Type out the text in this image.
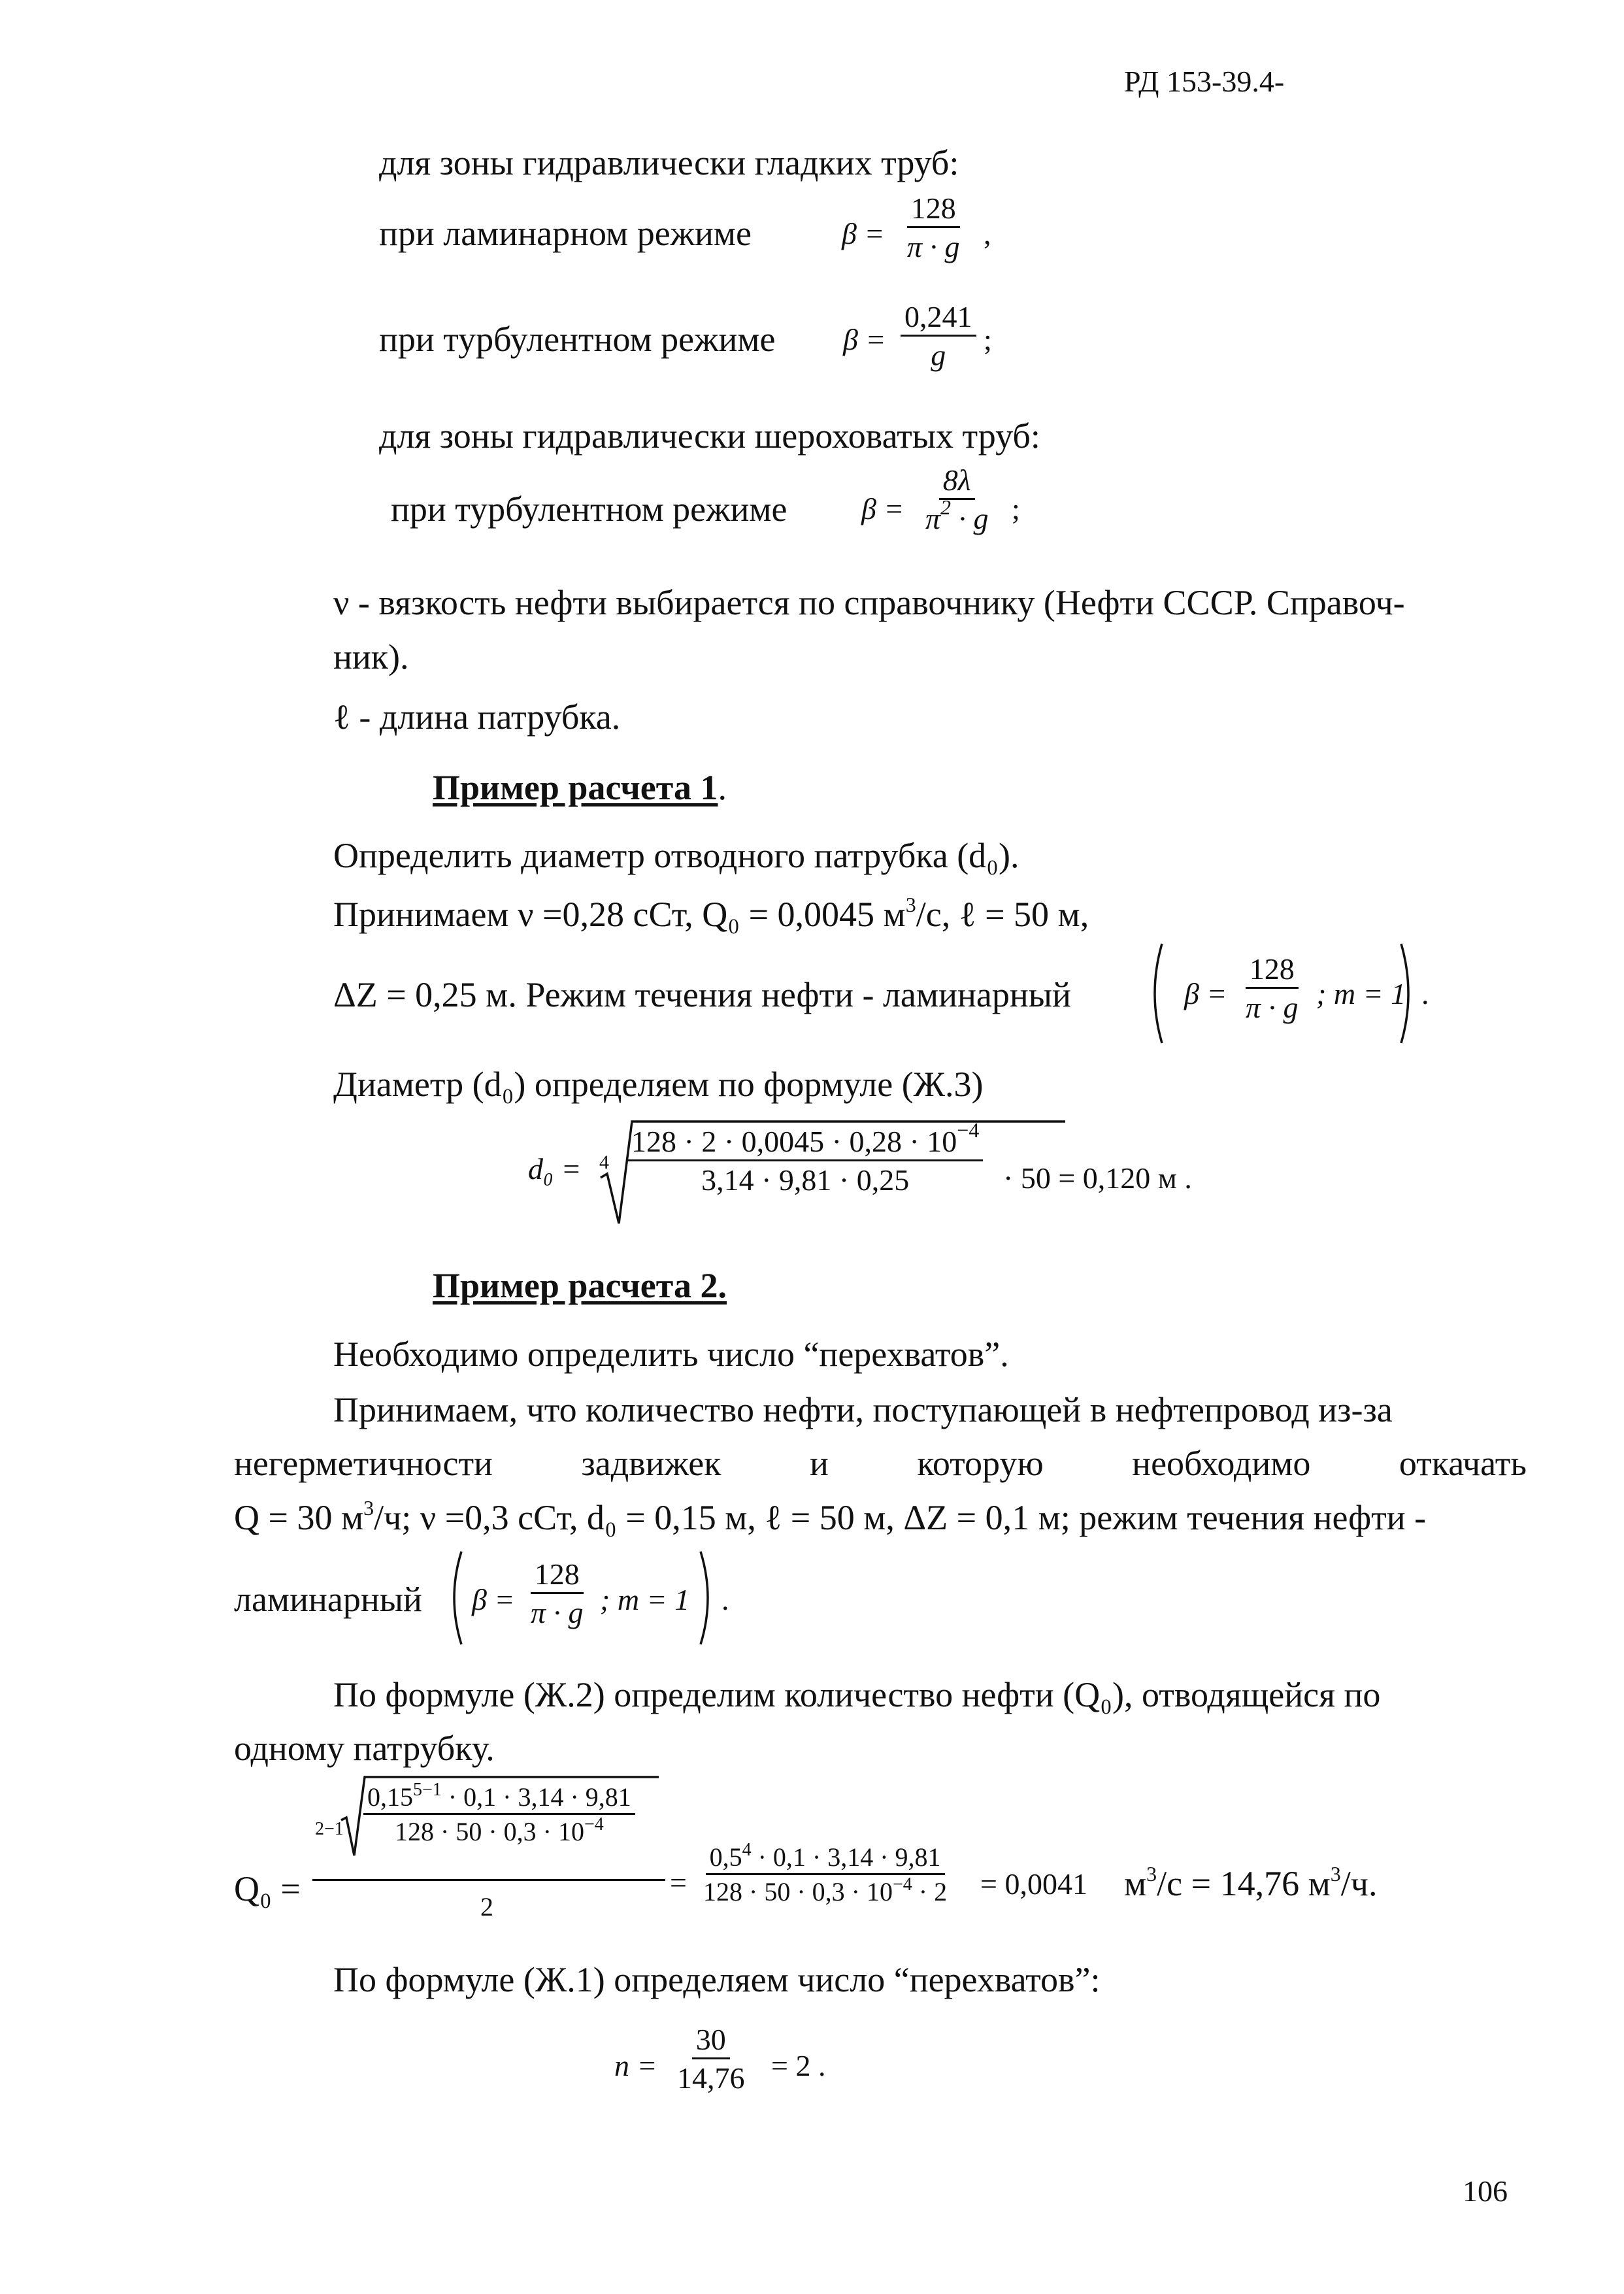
РД 153-39.4-
для зоны гидравлически гладких труб:
при ламинарном режиме	$\beta = \frac{128}{\pi \cdot g}$ ,
при турбулентном режиме $\beta = \frac{0,241}{g}$ ;
для зоны гидравлически шероховатых труб:
при турбулентном режиме $\beta = \frac{8\lambda}{\pi^2 \cdot g}$ ;
ν - вязкость нефти выбирается по справочнику (Нефти СССР. Справоч-
ник).
ℓ - длина патрубка.
Пример расчета 1.
Определить диаметр отводного патрубка (d₀).
Принимаем ν =0,28 сСт, Q₀ = 0,0045 $м^3/с$, ℓ = 50 м,
ΔZ = 0,25 м. Режим течения нефти - ламинарный	$\beta = \frac{128}{\pi \cdot g}$ ; m = 1 .
Диаметр (d₀) определяем по формуле (Ж.3)
$d_0 = 4 \frac{128 \cdot 2 \cdot 0,0045 \cdot 0,28 \cdot 10^{-4}}{3,14 \cdot 9,81 \cdot 0,25} \cdot 50 = 0,120$ м .
Пример расчета 2.
Необходимо определить число “перехватов”.
Принимаем, что количество нефти, поступающей в нефтепровод из-за
негерметичности	задвижек	и	которую	необходимо	откачать
Q = 30 $м^3/ч$; ν =0,3 сСт, d₀ = 0,15 м, ℓ = 50 м, ΔZ = 0,1 м; режим течения нефти -
ламинарный $\beta = \frac{128}{\pi \cdot g}$ ; m = 1 .
По формуле (Ж.2) определим количество нефти (Q₀), отводящейся по
одному патрубку.
Q₀ =
$2-1 \frac{0,15^{5-1} \cdot 0,1 \cdot 3,14 \cdot 9,81}{128 \cdot 50 \cdot 0,3 \cdot 10^{-4}}$
2
= $\frac{0,5^4 \cdot 0,1 \cdot 3,14 \cdot 9,81}{128 \cdot 50 \cdot 0,3 \cdot 10^{-4} \cdot 2} = 0,0041$ $м^3/с = 14,76$ $м^3/ч$.
По формуле (Ж.1) определяем число “перехватов”:
$n = \frac{30}{14,76} = 2$ .
106
